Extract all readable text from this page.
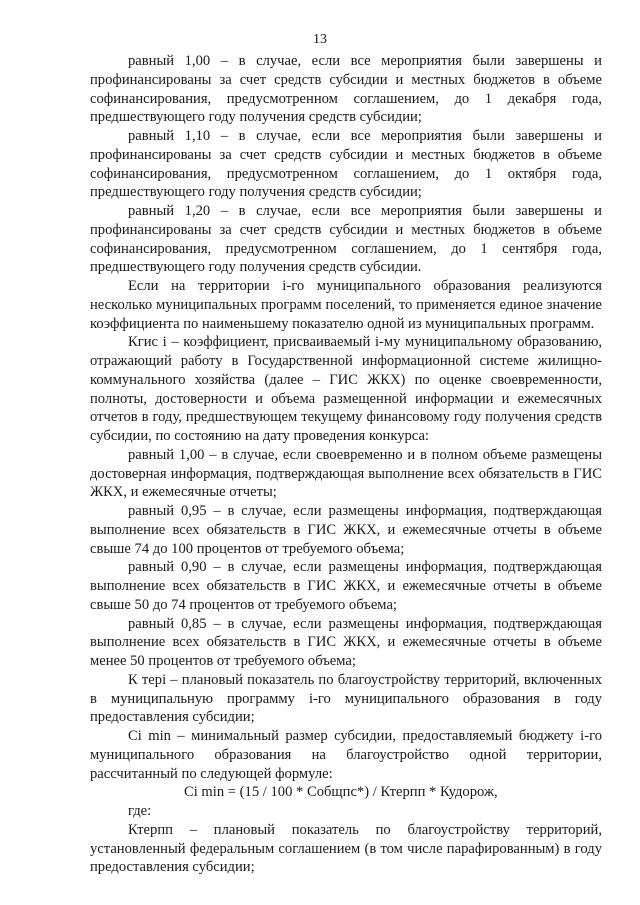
13

равный 1,00 – в случае, если все мероприятия были завершены и профинансированы за счет средств субсидии и местных бюджетов в объеме софинансирования, предусмотренном соглашением, до 1 декабря года, предшествующего году получения средств субсидии;

равный 1,10 – в случае, если все мероприятия были завершены и профинансированы за счет средств субсидии и местных бюджетов в объеме софинансирования, предусмотренном соглашением, до 1 октября года, предшествующего году получения средств субсидии;

равный 1,20 – в случае, если все мероприятия были завершены и профинансированы за счет средств субсидии и местных бюджетов в объеме софинансирования, предусмотренном соглашением, до 1 сентября года, предшествующего году получения средств субсидии.

Если на территории i-го муниципального образования реализуются несколько муниципальных программ поселений, то применяется единое значение коэффициента по наименьшему показателю одной из муниципальных программ.

Кгис i – коэффициент, присваиваемый i-му муниципальному образованию, отражающий работу в Государственной информационной системе жилищно-коммунального хозяйства (далее – ГИС ЖКХ) по оценке своевременности, полноты, достоверности и объема размещенной информации и ежемесячных отчетов в году, предшествующем текущему финансовому году получения средств субсидии, по состоянию на дату проведения конкурса:

равный 1,00 – в случае, если своевременно и в полном объеме размещены достоверная информация, подтверждающая выполнение всех обязательств в ГИС ЖКХ, и ежемесячные отчеты;

равный 0,95 – в случае, если размещены информация, подтверждающая выполнение всех обязательств в ГИС ЖКХ, и ежемесячные отчеты в объеме свыше 74 до 100 процентов от требуемого объема;

равный 0,90 – в случае, если размещены информация, подтверждающая выполнение всех обязательств в ГИС ЖКХ, и ежемесячные отчеты в объеме свыше 50 до 74 процентов от требуемого объема;

равный 0,85 – в случае, если размещены информация, подтверждающая выполнение всех обязательств в ГИС ЖКХ, и ежемесячные отчеты в объеме менее 50 процентов от требуемого объема;

К терi – плановый показатель по благоустройству территорий, включенных в муниципальную программу i-го муниципального образования в году предоставления субсидии;

Ci min – минимальный размер субсидии, предоставляемый бюджету i-го муниципального образования на благоустройство одной территории, рассчитанный по следующей формуле:

Ci min = (15 / 100 * Собщпс*) / Ктерпп * Кудорож,

где:

Ктерпп – плановый показатель по благоустройству территорий, установленный федеральным соглашением (в том числе парафированным) в году предоставления субсидии;
